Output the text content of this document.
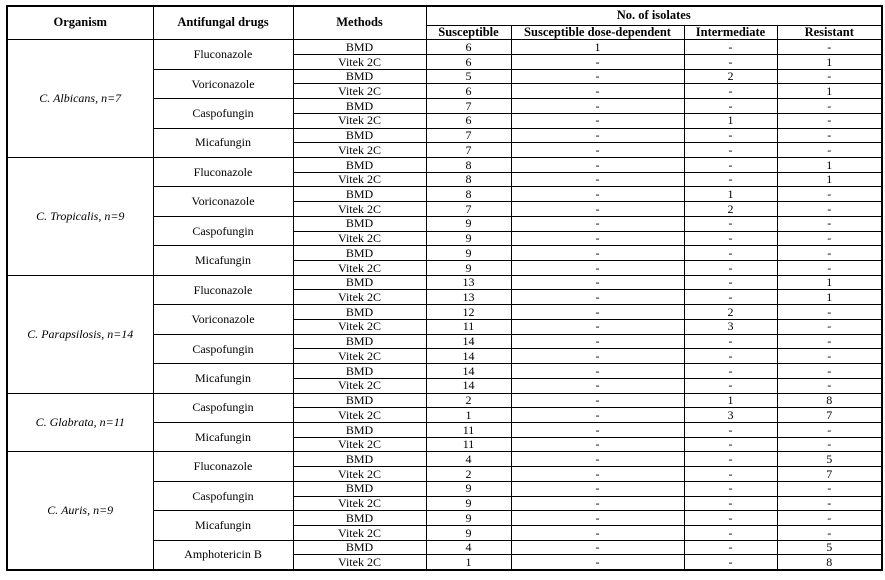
Organism	Antifungal drugs	Methods	No. of isolates			
			Susceptible	Susceptible dose-dependent	Intermediate	Resistant
C. Albicans, n=7	Fluconazole	BMD	6	1	-	-
		Vitek 2C	6	-	-	1
	Voriconazole	BMD	5	-	2	-
		Vitek 2C	6	-	-	1
	Caspofungin	BMD	7	-	-	-
		Vitek 2C	6	-	1	-
	Micafungin	BMD	7	-	-	-
		Vitek 2C	7	-	-	-
C. Tropicalis, n=9	Fluconazole	BMD	8	-	-	1
		Vitek 2C	8	-	-	1
	Voriconazole	BMD	8	-	1	-
		Vitek 2C	7	-	2	-
	Caspofungin	BMD	9	-	-	-
		Vitek 2C	9	-	-	-
	Micafungin	BMD	9	-	-	-
		Vitek 2C	9	-	-	-
C. Parapsilosis, n=14	Fluconazole	BMD	13	-	-	1
		Vitek 2C	13	-	-	1
	Voriconazole	BMD	12	-	2	-
		Vitek 2C	11	-	3	-
	Caspofungin	BMD	14	-	-	-
		Vitek 2C	14	-	-	-
	Micafungin	BMD	14	-	-	-
		Vitek 2C	14	-	-	-
C. Glabrata, n=11	Caspofungin	BMD	2	-	1	8
		Vitek 2C	1	-	3	7
	Micafungin	BMD	11	-	-	-
		Vitek 2C	11	-	-	-
C. Auris, n=9	Fluconazole	BMD	4	-	-	5
		Vitek 2C	2	-	-	7
	Caspofungin	BMD	9	-	-	-
		Vitek 2C	9	-	-	-
	Micafungin	BMD	9	-	-	-
		Vitek 2C	9	-	-	-
	Amphotericin B	BMD	4	-	-	5
		Vitek 2C	1	-	-	8
